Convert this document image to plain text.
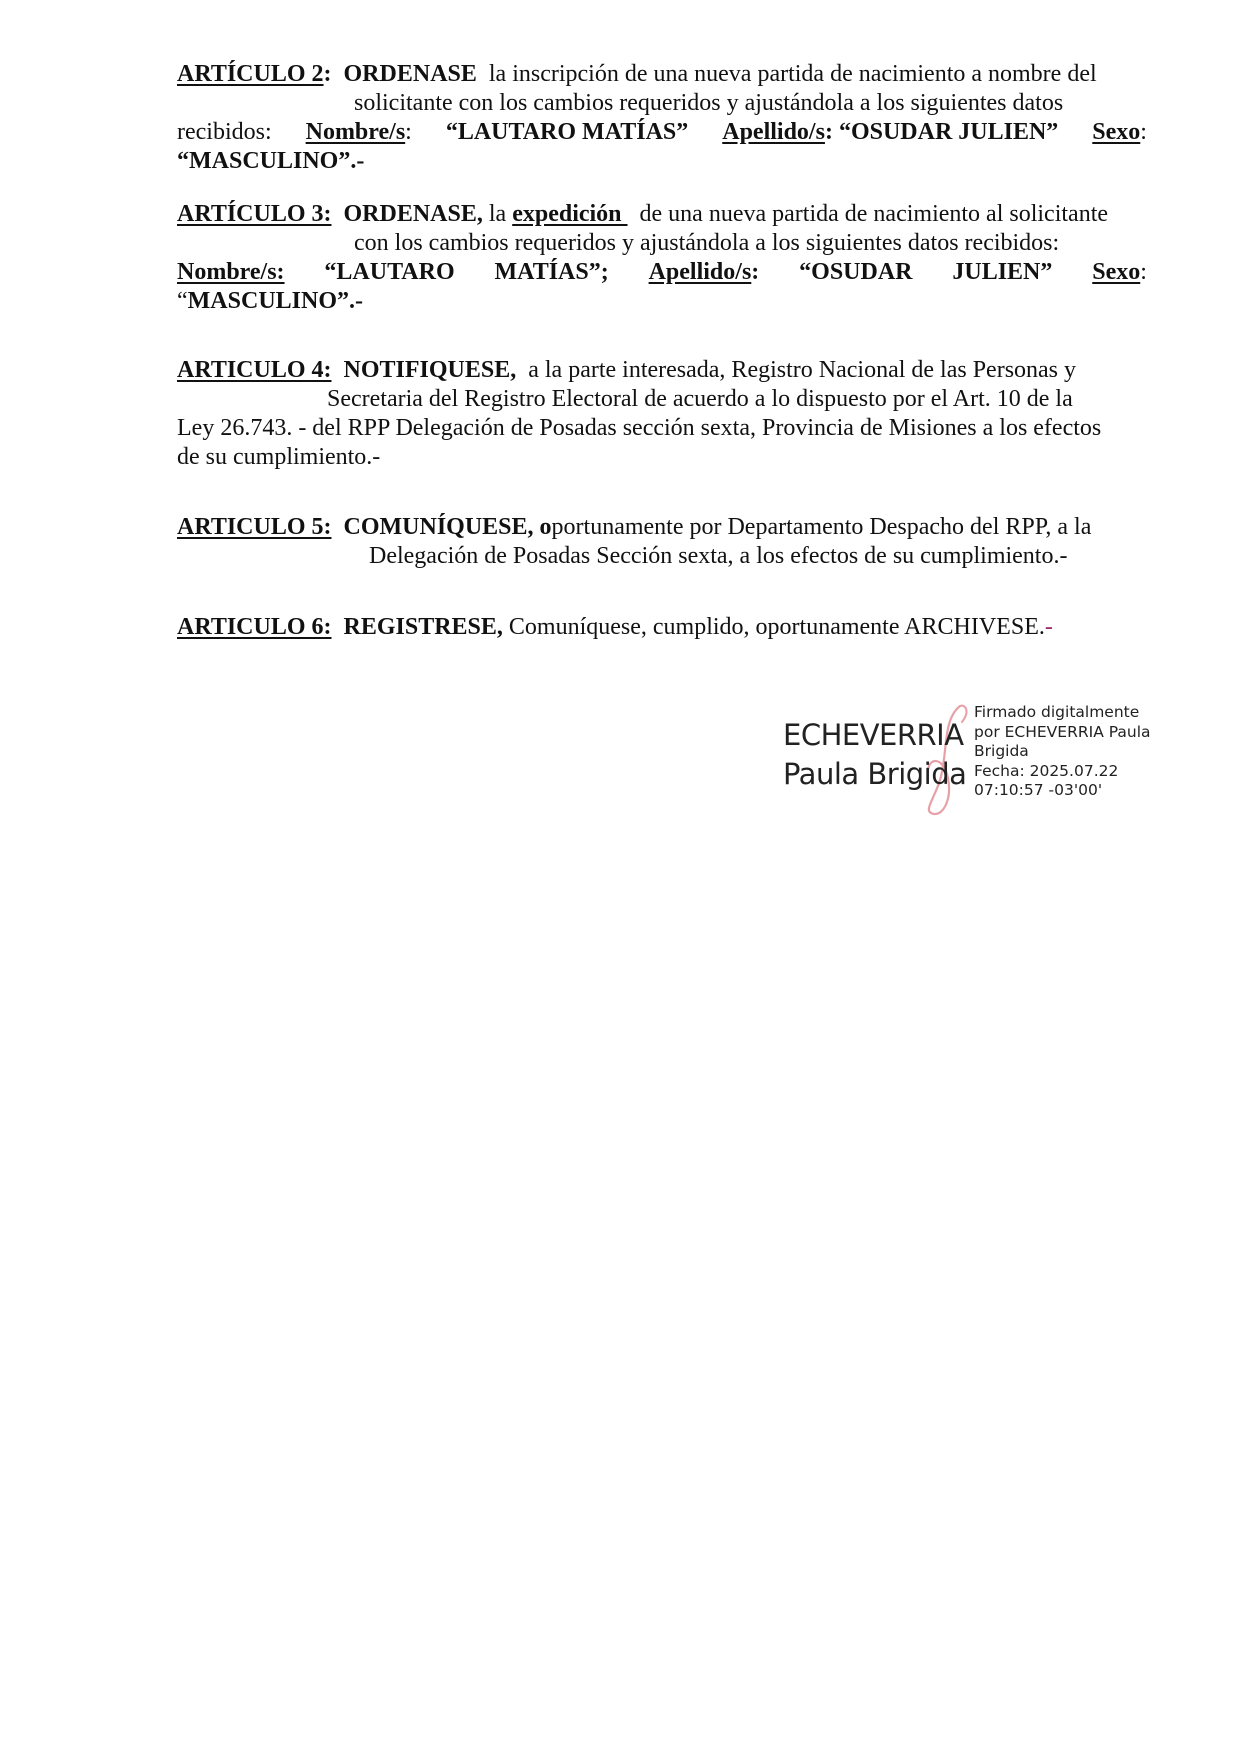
ARTÍCULO 2: ORDENASE la inscripción de una nueva partida de nacimiento a nombre del
solicitante con los cambios requeridos y ajustándola a los siguientes datos
recibidos: Nombre/s: “LAUTARO MATÍAS” Apellido/s: “OSUDAR JULIEN” Sexo:
“MASCULINO”.-
ARTÍCULO 3: ORDENASE, la expedición   de una nueva partida de nacimiento al solicitante
con los cambios requeridos y ajustándola a los siguientes datos recibidos:
Nombre/s: “LAUTARO MATÍAS”; Apellido/s: “OSUDAR JULIEN” Sexo:
“MASCULINO”.-
ARTICULO 4: NOTIFIQUESE, a la parte interesada, Registro Nacional de las Personas y
Secretaria del Registro Electoral de acuerdo a lo dispuesto por el Art. 10 de la
Ley 26.743. - del RPP Delegación de Posadas sección sexta, Provincia de Misiones a los efectos
de su cumplimiento.-
ARTICULO 5: COMUNÍQUESE, oportunamente por Departamento Despacho del RPP, a la
Delegación de Posadas Sección sexta, a los efectos de su cumplimiento.-
ARTICULO 6: REGISTRESE, Comuníquese, cumplido, oportunamente ARCHIVESE.-
ECHEVERRIA
Paula Brigida
Firmado digitalmente
por ECHEVERRIA Paula
Brigida
Fecha: 2025.07.22
07:10:57 -03'00'
